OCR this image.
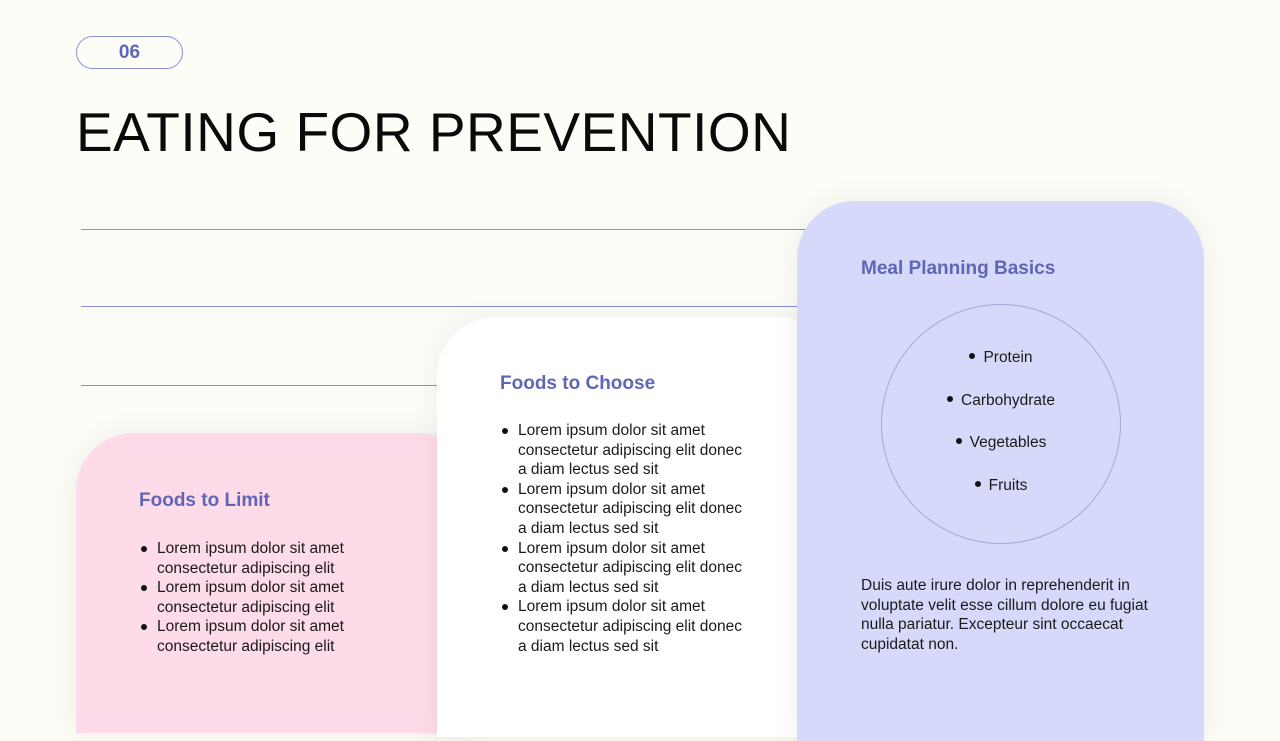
06
EATING FOR PREVENTION
Foods to Limit
Lorem ipsum dolor sit amet consectetur adipiscing elit
Lorem ipsum dolor sit amet consectetur adipiscing elit
Lorem ipsum dolor sit amet consectetur adipiscing elit
Foods to Choose
Lorem ipsum dolor sit amet consectetur adipiscing elit donec a diam lectus sed sit
Lorem ipsum dolor sit amet consectetur adipiscing elit donec a diam lectus sed sit
Lorem ipsum dolor sit amet consectetur adipiscing elit donec a diam lectus sed sit
Lorem ipsum dolor sit amet consectetur adipiscing elit donec a diam lectus sed sit
Meal Planning Basics
Protein
Carbohydrate
Vegetables
Fruits

Duis aute irure dolor in reprehenderit in voluptate velit esse cillum dolore eu fugiat nulla pariatur. Excepteur sint occaecat cupidatat non.
